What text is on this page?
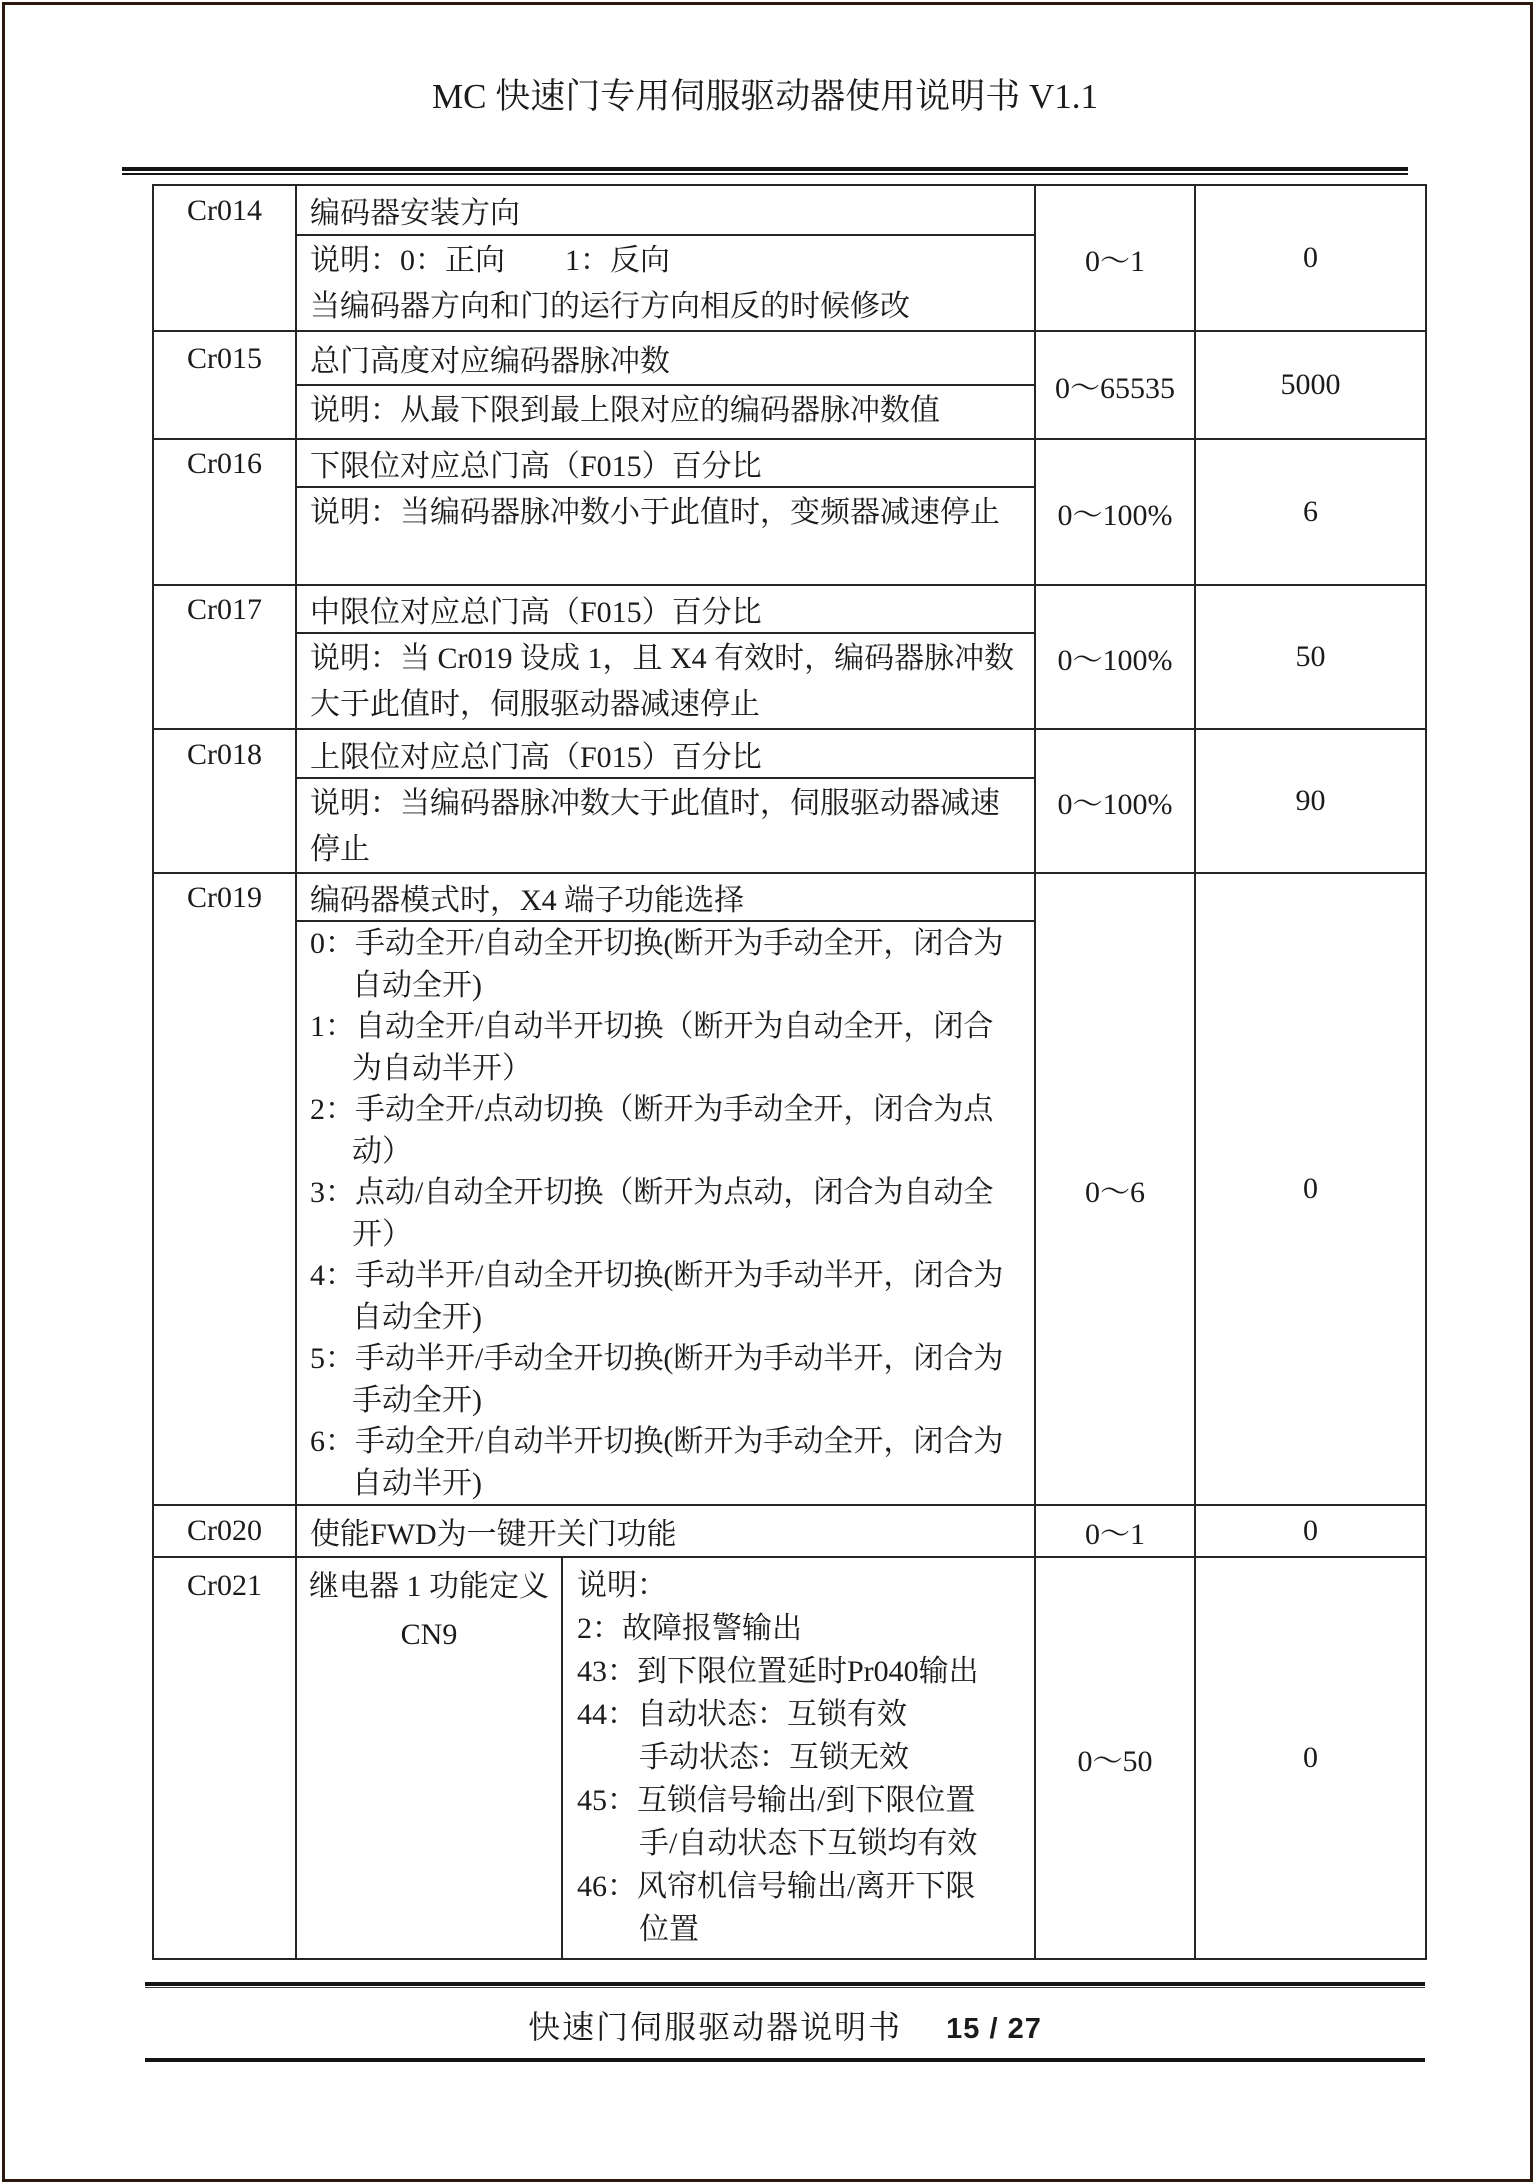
MC 快速门专用伺服驱动器使用说明书 V1.1
Cr014	编码器安装方向
说明：0：正向　　1：反向
当编码器方向和门的运行方向相反的时候修改
0～1	0
Cr015	总门高度对应编码器脉冲数
说明：从最下限到最上限对应的编码器脉冲数值
0～65535	5000
Cr016	下限位对应总门高（F015）百分比
说明：当编码器脉冲数小于此值时，变频器减速停止	0～100%	6
Cr017	中限位对应总门高（F015）百分比
说明：当 Cr019 设成 1，且 X4 有效时，编码器脉冲数大于此值时，伺服驱动器减速停止
0～100%	50
Cr018	上限位对应总门高（F015）百分比
说明：当编码器脉冲数大于此值时，伺服驱动器减速停止
0～100%	90
Cr019	编码器模式时，X4 端子功能选择
0：手动全开/自动全开切换(断开为手动全开，闭合为自动全开)
1：自动全开/自动半开切换（断开为自动全开，闭合为自动半开）
2：手动全开/点动切换（断开为手动全开，闭合为点动）
3：点动/自动全开切换（断开为点动，闭合为自动全开）
4：手动半开/自动全开切换(断开为手动半开，闭合为自动全开)
5：手动半开/手动全开切换(断开为手动半开，闭合为手动全开)
6：手动全开/自动半开切换(断开为手动全开，闭合为自动半开)
0～6	0
Cr020	使能FWD为一键开关门功能	0～1	0
Cr021	继电器 1 功能定义
CN9
说明：
2：故障报警输出
43：到下限位置延时Pr040输出
44：自动状态：互锁有效
手动状态：互锁无效
45：互锁信号输出/到下限位置
手/自动状态下互锁均有效
46：风帘机信号输出/离开下限
位置
0～50	0
快速门伺服驱动器说明书 15 / 27
